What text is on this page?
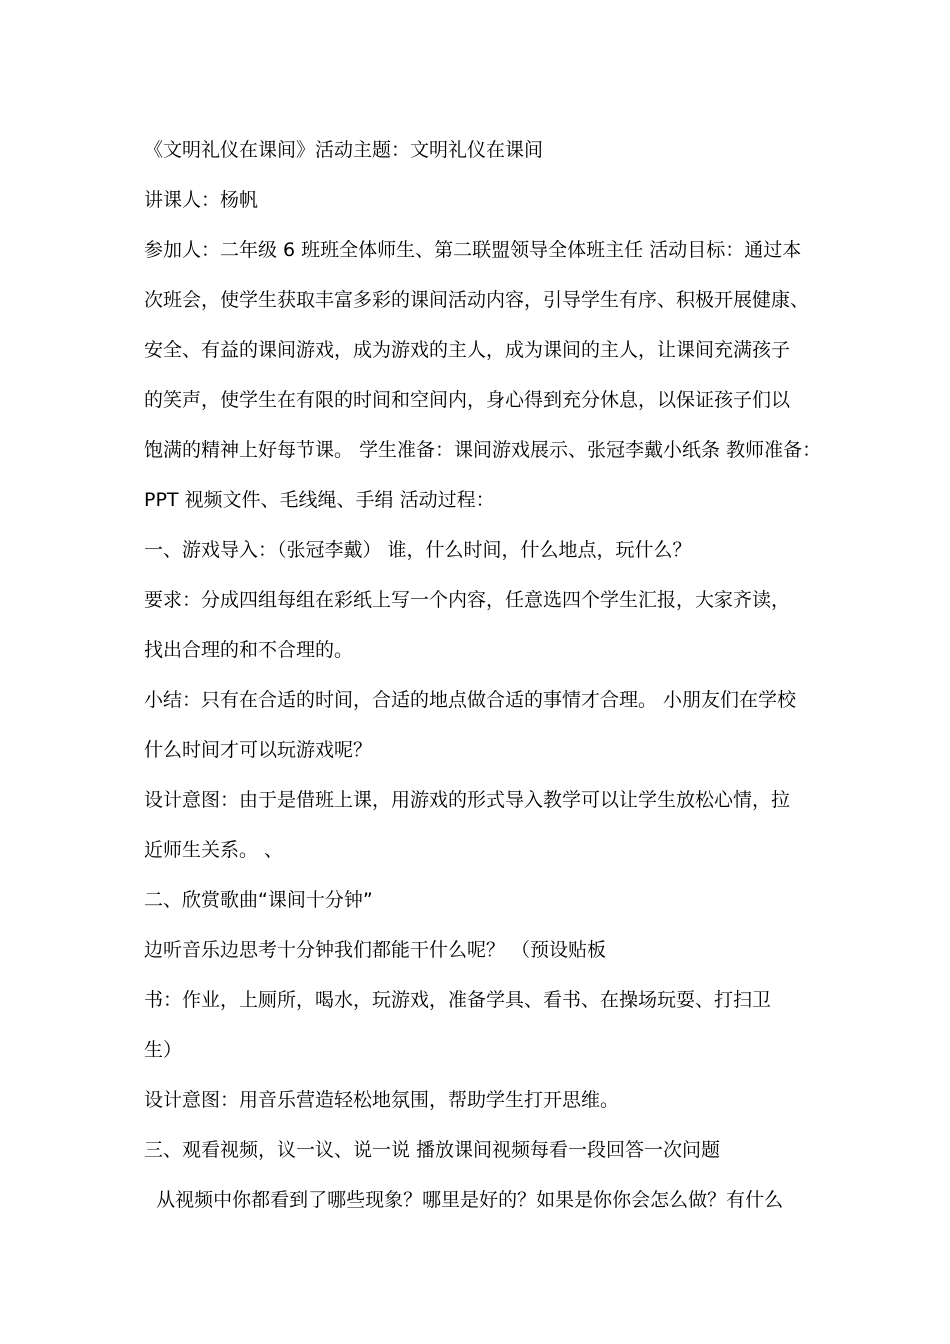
《文明礼仪在课间》活动主题：文明礼仪在课间
讲课人：杨帆
参加人：二年级 6 班班全体师生、第二联盟领导全体班主任 活动目标：通过本
次班会，使学生获取丰富多彩的课间活动内容，引导学生有序、积极开展健康、
安全、有益的课间游戏，成为游戏的主人，成为课间的主人，让课间充满孩子
的笑声，使学生在有限的时间和空间内，身心得到充分休息，以保证孩子们以
饱满的精神上好每节课。 学生准备：课间游戏展示、张冠李戴小纸条 教师准备：
PPT 视频文件、毛线绳、手绢 活动过程：
一、游戏导入：（张冠李戴） 谁，什么时间，什么地点，玩什么？
要求：分成四组每组在彩纸上写一个内容，任意选四个学生汇报，大家齐读，
找出合理的和不合理的。
小结：只有在合适的时间，合适的地点做合适的事情才合理。 小朋友们在学校
什么时间才可以玩游戏呢？
设计意图：由于是借班上课，用游戏的形式导入教学可以让学生放松心情，拉
近师生关系。 、
二、欣赏歌曲“课间十分钟”
边听音乐边思考十分钟我们都能干什么呢？ （预设贴板
书：作业，上厕所，喝水，玩游戏，准备学具、看书、在操场玩耍、打扫卫
生）
设计意图：用音乐营造轻松地氛围，帮助学生打开思维。
三、观看视频，议一议、说一说 播放课间视频每看一段回答一次问题
从视频中你都看到了哪些现象？哪里是好的？如果是你你会怎么做？有什么
